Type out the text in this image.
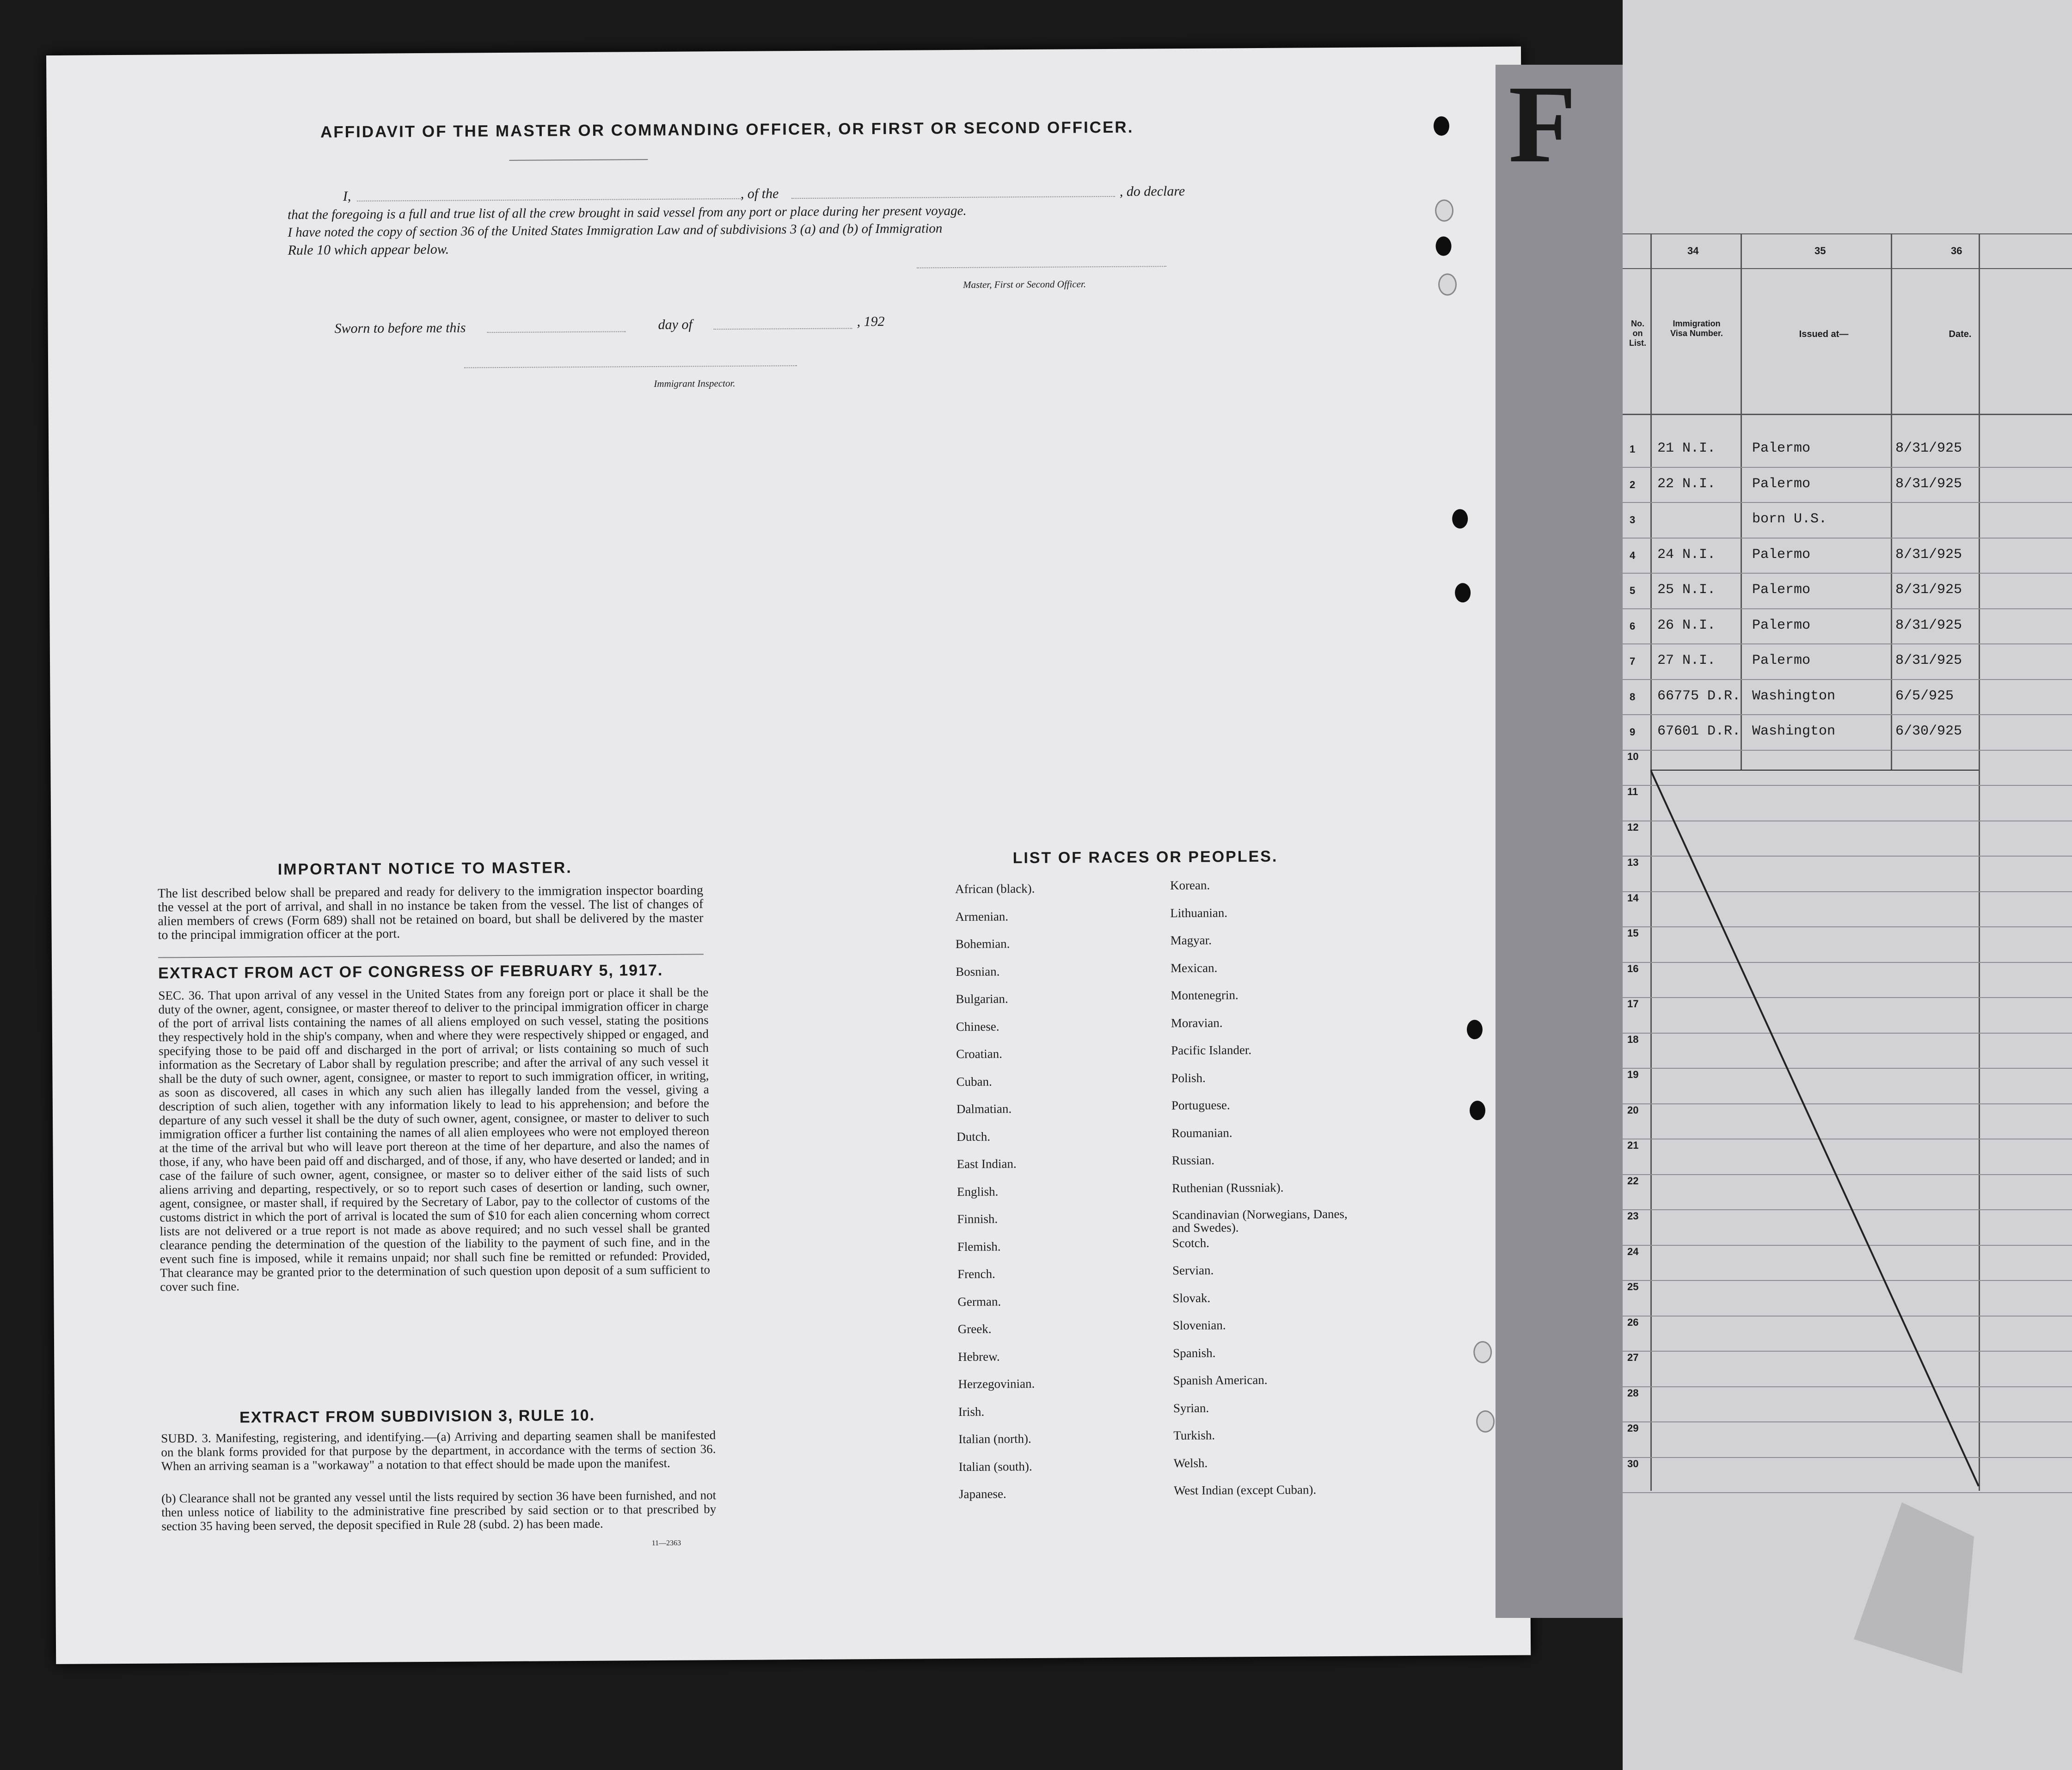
AFFIDAVIT OF THE MASTER OR COMMANDING OFFICER, OR FIRST OR SECOND OFFICER.
I,	, of the	, do declare
that the foregoing is a full and true list of all the crew brought in said vessel from any port or place during her present voyage.
I have noted the copy of section 36 of the United States Immigration Law and of subdivisions 3 (a) and (b) of Immigration
Rule 10 which appear below.
Master, First or Second Officer.
Sworn to before me this	day of	, 192
Immigrant Inspector.
IMPORTANT NOTICE TO MASTER.
The list described below shall be prepared and ready for delivery to the immigration inspector boarding the vessel at the port of arrival, and shall in no instance be taken from the vessel. The list of changes of alien members of crews (Form 689) shall not be retained on board, but shall be delivered by the master to the principal immigration officer at the port.
EXTRACT FROM ACT OF CONGRESS OF FEBRUARY 5, 1917.
SEC. 36. That upon arrival of any vessel in the United States from any foreign port or place it shall be the duty of the owner, agent, consignee, or master thereof to deliver to the principal immigration officer in charge of the port of arrival lists containing the names of all aliens employed on such vessel, stating the positions they respectively hold in the ship's company, when and where they were respectively shipped or engaged, and specifying those to be paid off and discharged in the port of arrival; or lists containing so much of such information as the Secretary of Labor shall by regulation prescribe; and after the arrival of any such vessel it shall be the duty of such owner, agent, consignee, or master to report to such immigration officer, in writing, as soon as discovered, all cases in which any such alien has illegally landed from the vessel, giving a description of such alien, together with any information likely to lead to his apprehension; and before the departure of any such vessel it shall be the duty of such owner, agent, consignee, or master to deliver to such immigration officer a further list containing the names of all alien employees who were not employed thereon at the time of the arrival but who will leave port thereon at the time of her departure, and also the names of those, if any, who have been paid off and discharged, and of those, if any, who have deserted or landed; and in case of the failure of such owner, agent, consignee, or master so to deliver either of the said lists of such aliens arriving and departing, respectively, or so to report such cases of desertion or landing, such owner, agent, consignee, or master shall, if required by the Secretary of Labor, pay to the collector of customs of the customs district in which the port of arrival is located the sum of $10 for each alien concerning whom correct lists are not delivered or a true report is not made as above required; and no such vessel shall be granted clearance pending the determination of the question of the liability to the payment of such fine, and in the event such fine is imposed, while it remains unpaid; nor shall such fine be remitted or refunded: Provided, That clearance may be granted prior to the determination of such question upon deposit of a sum sufficient to cover such fine.
EXTRACT FROM SUBDIVISION 3, RULE 10.
SUBD. 3. Manifesting, registering, and identifying.—(a) Arriving and departing seamen shall be manifested on the blank forms provided for that purpose by the department, in accordance with the terms of section 36. When an arriving seaman is a "workaway" a notation to that effect should be made upon the manifest.
(b) Clearance shall not be granted any vessel until the lists required by section 36 have been furnished, and not then unless notice of liability to the administrative fine prescribed by said section or to that prescribed by section 35 having been served, the deposit specified in Rule 28 (subd. 2) has been made.
11—2363
LIST OF RACES OR PEOPLES.
African (black).
Armenian.
Bohemian.
Bosnian.
Bulgarian.
Chinese.
Croatian.
Cuban.
Dalmatian.
Dutch.
East Indian.
English.
Finnish.
Flemish.
French.
German.
Greek.
Hebrew.
Herzegovinian.
Irish.
Italian (north).
Italian (south).
Japanese.
Korean.
Lithuanian.
Magyar.
Mexican.
Montenegrin.
Moravian.
Pacific Islander.
Polish.
Portuguese.
Roumanian.
Russian.
Ruthenian (Russniak).
Scandinavian (Norwegians, Danes, and Swedes).
Scotch.
Servian.
Slovak.
Slovenian.
Spanish.
Spanish American.
Syrian.
Turkish.
Welsh.
West Indian (except Cuban).
F
34	35	36
No. on List.
Immigration Visa Number.	Issued at—	Date.
1 21 N.I.	Palermo	8/31/925
2 22 N.I.	Palermo	8/31/925
3	born U.S.
4 24 N.I.	Palermo	8/31/925
5 25 N.I.	Palermo	8/31/925
6 26 N.I.	Palermo	8/31/925
7 27 N.I.	Palermo	8/31/925
8 66775 D.R. Washington	6/5/925
9 67601 D.R. Washington	6/30/925
10
11
12
13
14
15
16
17
18
19
20
21
22
23
24
25
26
27
28
29
30
